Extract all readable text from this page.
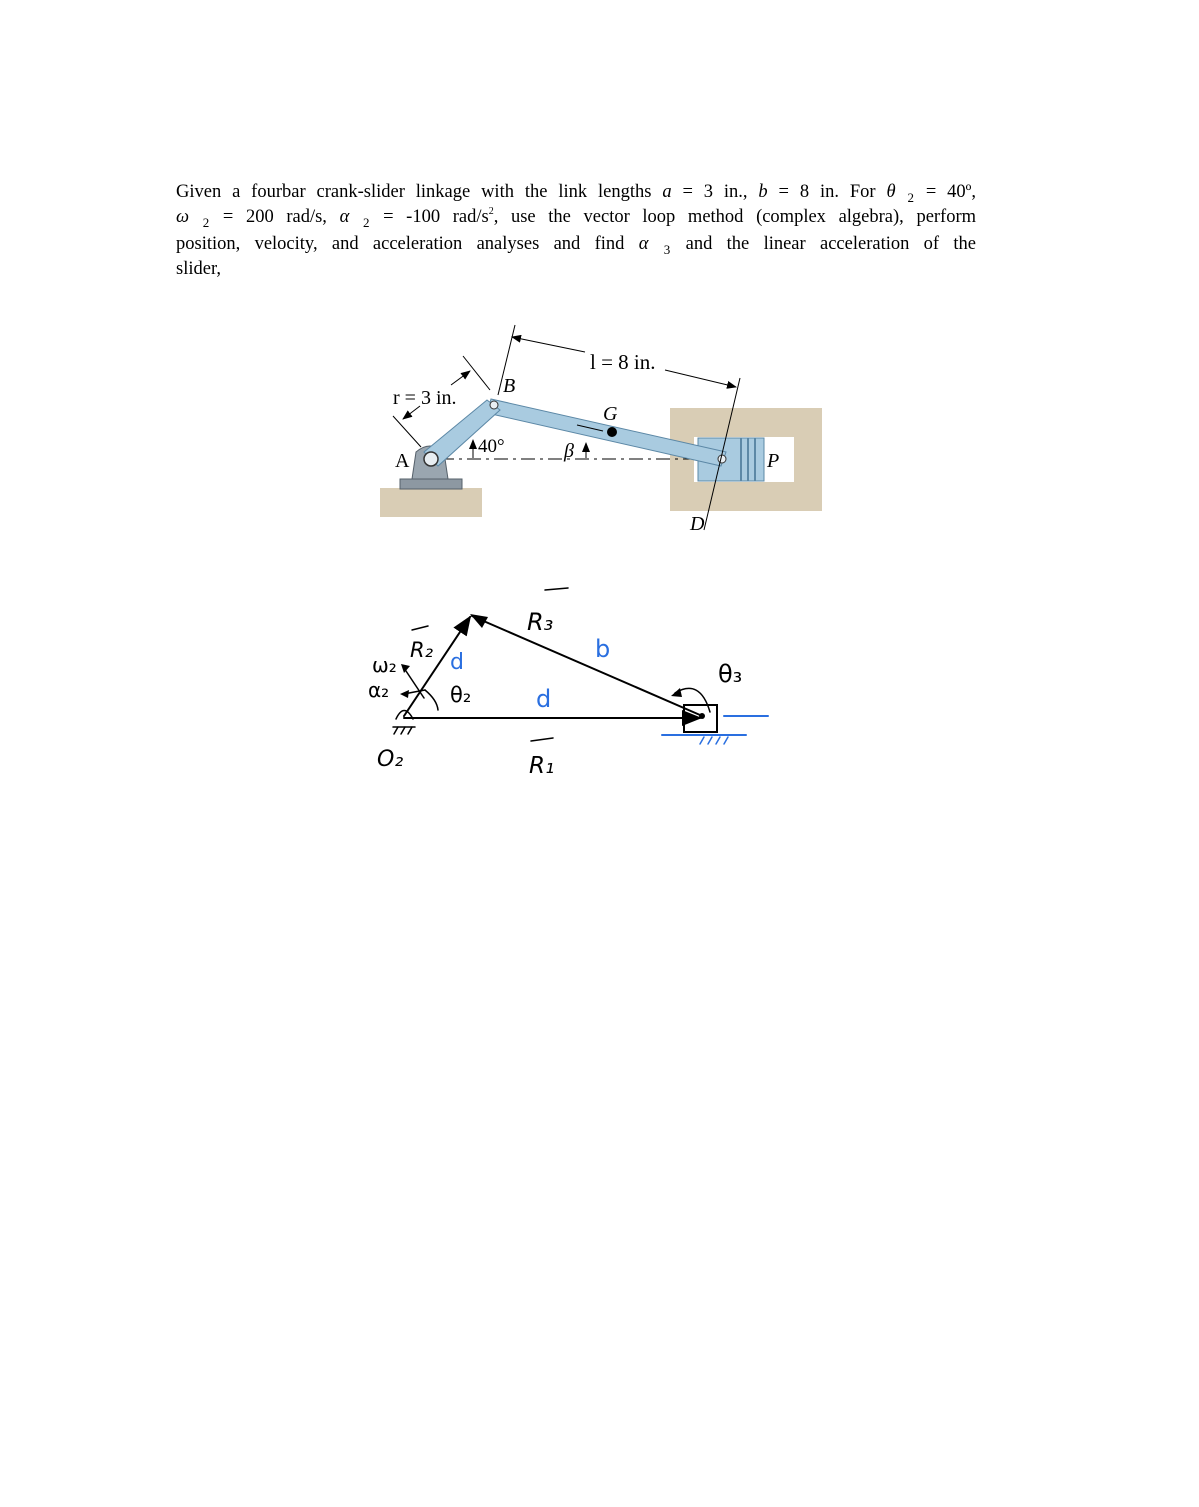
Given a fourbar crank-slider linkage with the link lengths a = 3 in., b = 8 in. For θ $_2$ = 40º,
ω $_2$ = 200 rad/s, α $_2$ = -100 rad/$s^2$, use the vector loop method (complex algebra), perform
position, velocity, and acceleration analyses and find α $_3$ and the linear acceleration of the
slider,
l = 8 in.
r = 3 in.
40°	β
A
B
G
D
P
ω₂
α₂
R₂ d
θ₂
R₃
b
d
θ₃
O₂	R₁
